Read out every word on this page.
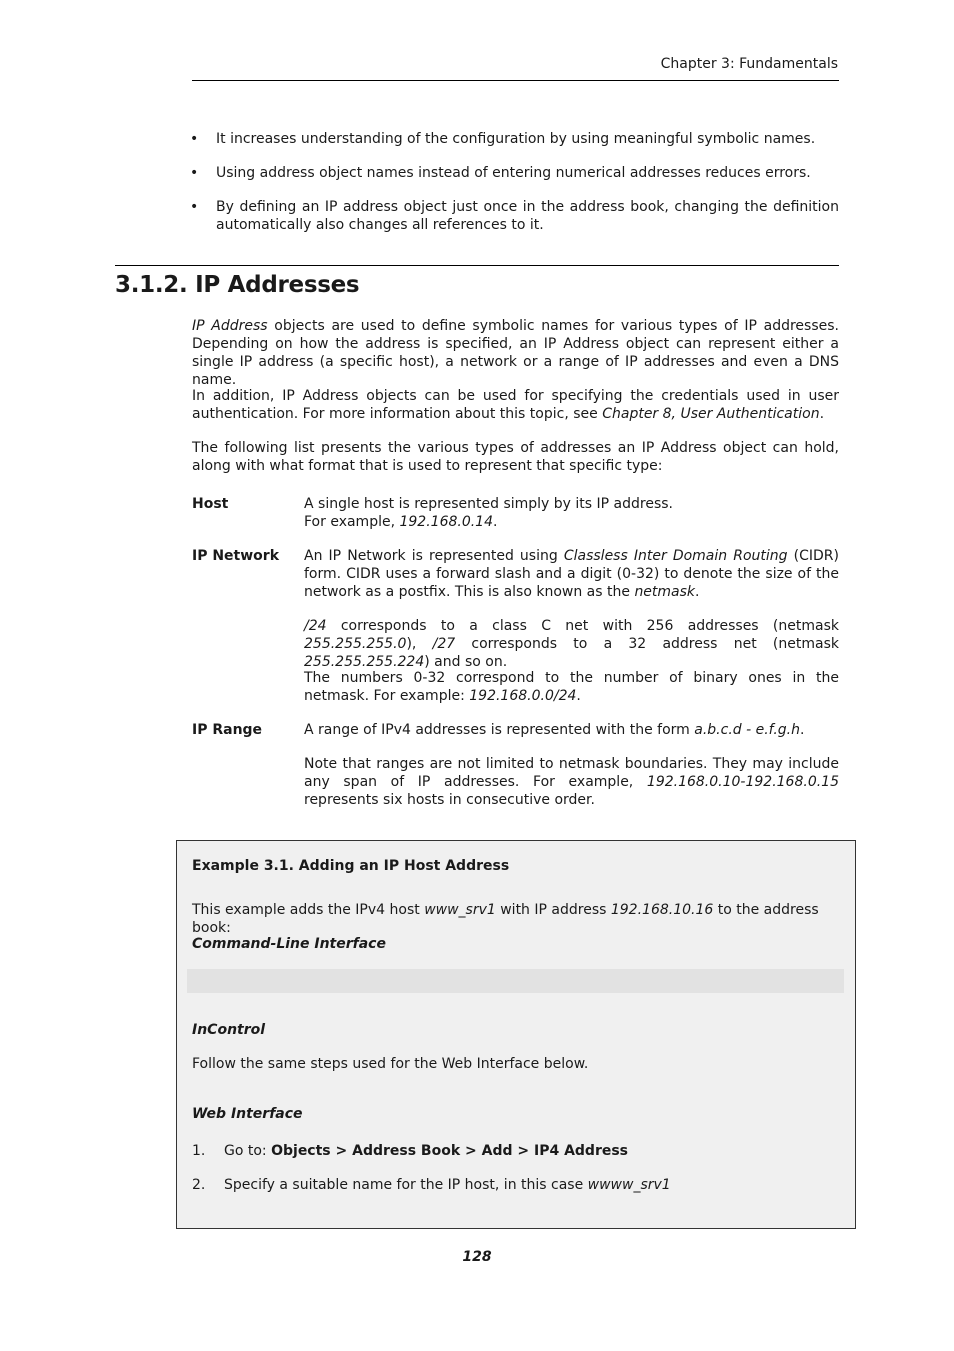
Chapter 3: Fundamentals
• It increases understanding of the configuration by using meaningful symbolic names.
• Using address object names instead of entering numerical addresses reduces errors.
• By defining an IP address object just once in the address book, changing the definition automatically also changes all references to it.
3.1.2. IP Addresses
IP Address objects are used to define symbolic names for various types of IP addresses. Depending on how the address is specified, an IP Address object can represent either a single IP address (a specific host), a network or a range of IP addresses and even a DNS name.
In addition, IP Address objects can be used for specifying the credentials used in user authentication. For more information about this topic, see Chapter 8, User Authentication.
The following list presents the various types of addresses an IP Address object can hold, along with what format that is used to represent that specific type:
Host	A single host is represented simply by its IP address.
For example, 192.168.0.14.
IP Network	An IP Network is represented using Classless Inter Domain Routing (CIDR) form. CIDR uses a forward slash and a digit (0-32) to denote the size of the network as a postfix. This is also known as the netmask.
/24 corresponds to a class C net with 256 addresses (netmask 255.255.255.0), /27 corresponds to a 32 address net (netmask 255.255.255.224) and so on.
The numbers 0-32 correspond to the number of binary ones in the netmask. For example: 192.168.0.0/24.
IP Range	A range of IPv4 addresses is represented with the form a.b.c.d - e.f.g.h.
Note that ranges are not limited to netmask boundaries. They may include any span of IP addresses. For example, 192.168.0.10-192.168.0.15 represents six hosts in consecutive order.
Example 3.1. Adding an IP Host Address
This example adds the IPv4 host www_srv1 with IP address 192.168.10.16 to the address book:
Command-Line Interface
InControl
Follow the same steps used for the Web Interface below.
Web Interface
1.	Go to: Objects > Address Book > Add > IP4 Address
2.	Specify a suitable name for the IP host, in this case wwww_srv1
128
